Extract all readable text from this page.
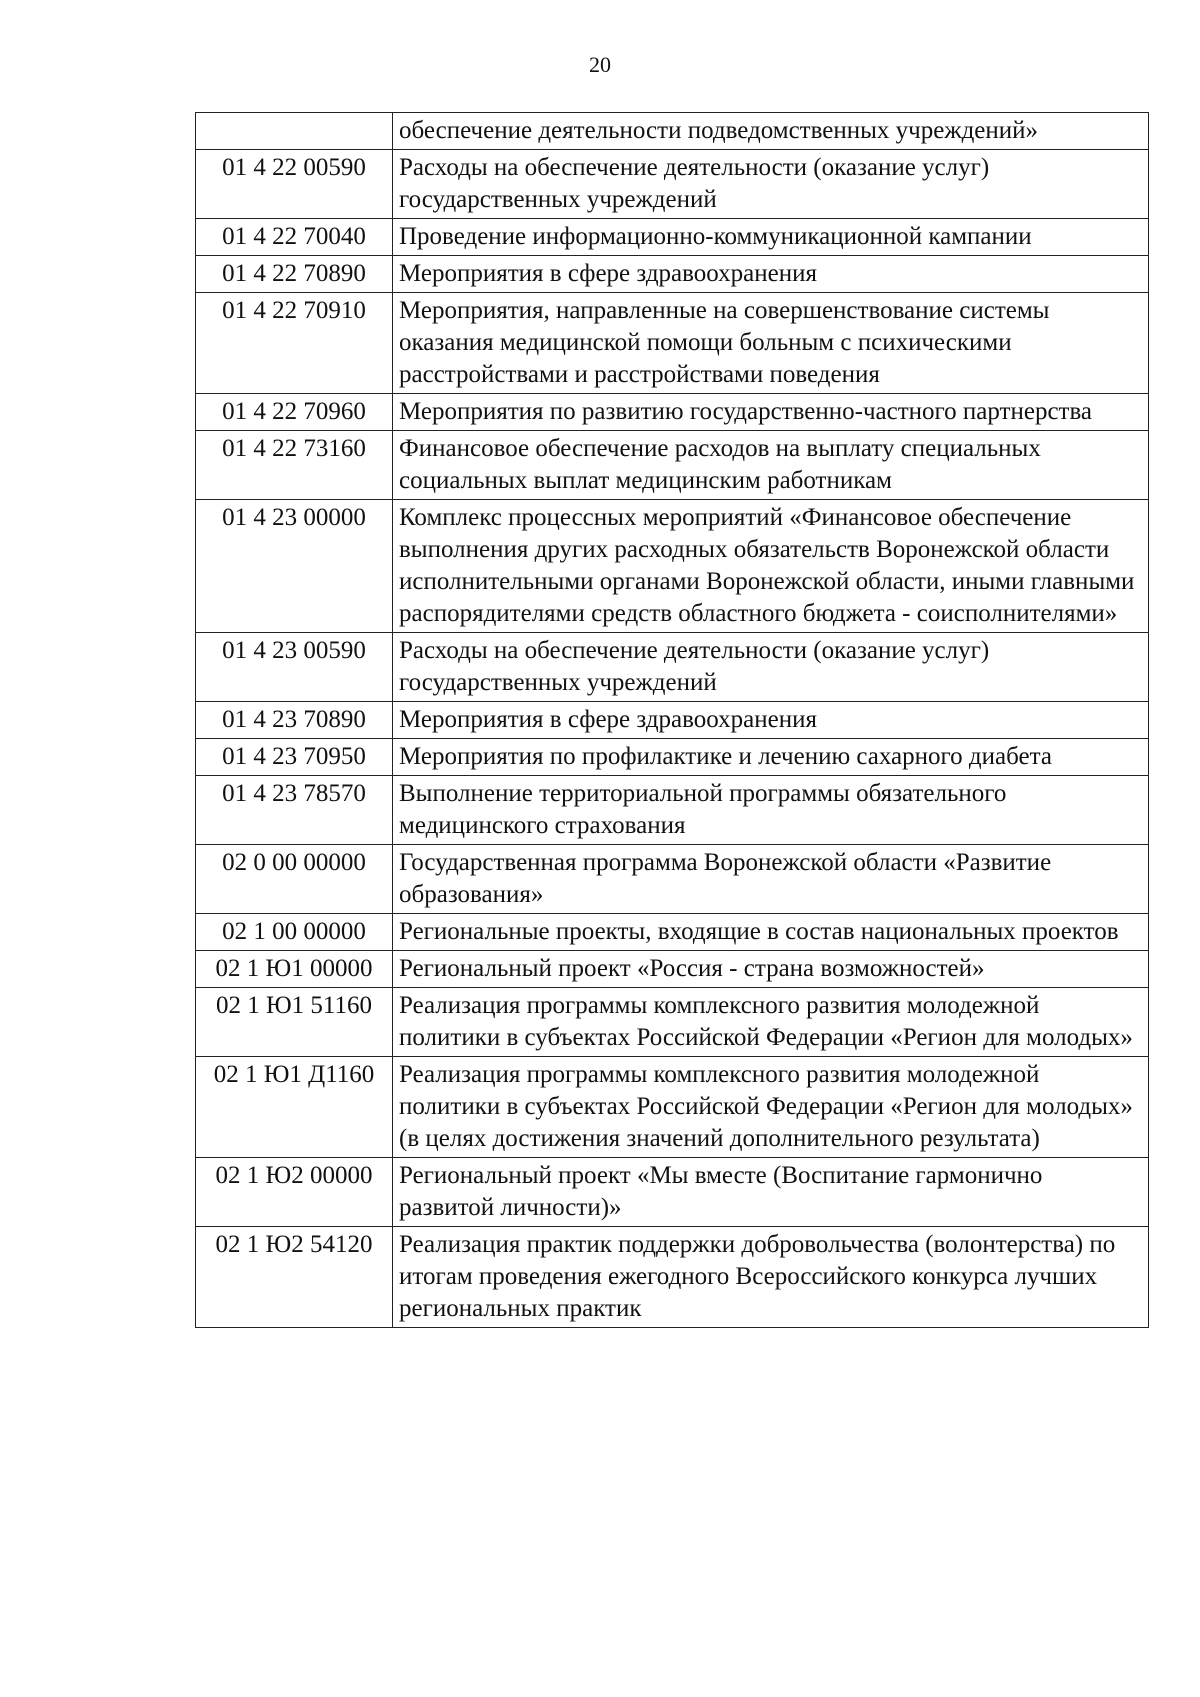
20
	обеспечение деятельности подведомственных учреждений»
01 4 22 00590	Расходы на обеспечение деятельности (оказание услуг) государственных учреждений
01 4 22 70040	Проведение информационно-коммуникационной кампании
01 4 22 70890	Мероприятия в сфере здравоохранения
01 4 22 70910	Мероприятия, направленные на совершенствование системы оказания медицинской помощи больным с психическими расстройствами и расстройствами поведения
01 4 22 70960	Мероприятия по развитию государственно-частного партнерства
01 4 22 73160	Финансовое обеспечение расходов на выплату специальных социальных выплат медицинским работникам
01 4 23 00000	Комплекс процессных мероприятий «Финансовое обеспечение выполнения других расходных обязательств Воронежской области исполнительными органами Воронежской области, иными главными распорядителями средств областного бюджета - соисполнителями»
01 4 23 00590	Расходы на обеспечение деятельности (оказание услуг) государственных учреждений
01 4 23 70890	Мероприятия в сфере здравоохранения
01 4 23 70950	Мероприятия по профилактике и лечению сахарного диабета
01 4 23 78570	Выполнение территориальной программы обязательного медицинского страхования
02 0 00 00000	Государственная программа Воронежской области «Развитие образования»
02 1 00 00000	Региональные проекты, входящие в состав национальных проектов
02 1 Ю1 00000	Региональный проект «Россия - страна возможностей»
02 1 Ю1 51160	Реализация программы комплексного развития молодежной политики в субъектах Российской Федерации «Регион для молодых»
02 1 Ю1 Д1160	Реализация программы комплексного развития молодежной политики в субъектах Российской Федерации «Регион для молодых» (в целях достижения значений дополнительного результата)
02 1 Ю2 00000	Региональный проект «Мы вместе (Воспитание гармонично развитой личности)»
02 1 Ю2 54120	Реализация практик поддержки добровольчества (волонтерства) по итогам проведения ежегодного Всероссийского конкурса лучших региональных практик
